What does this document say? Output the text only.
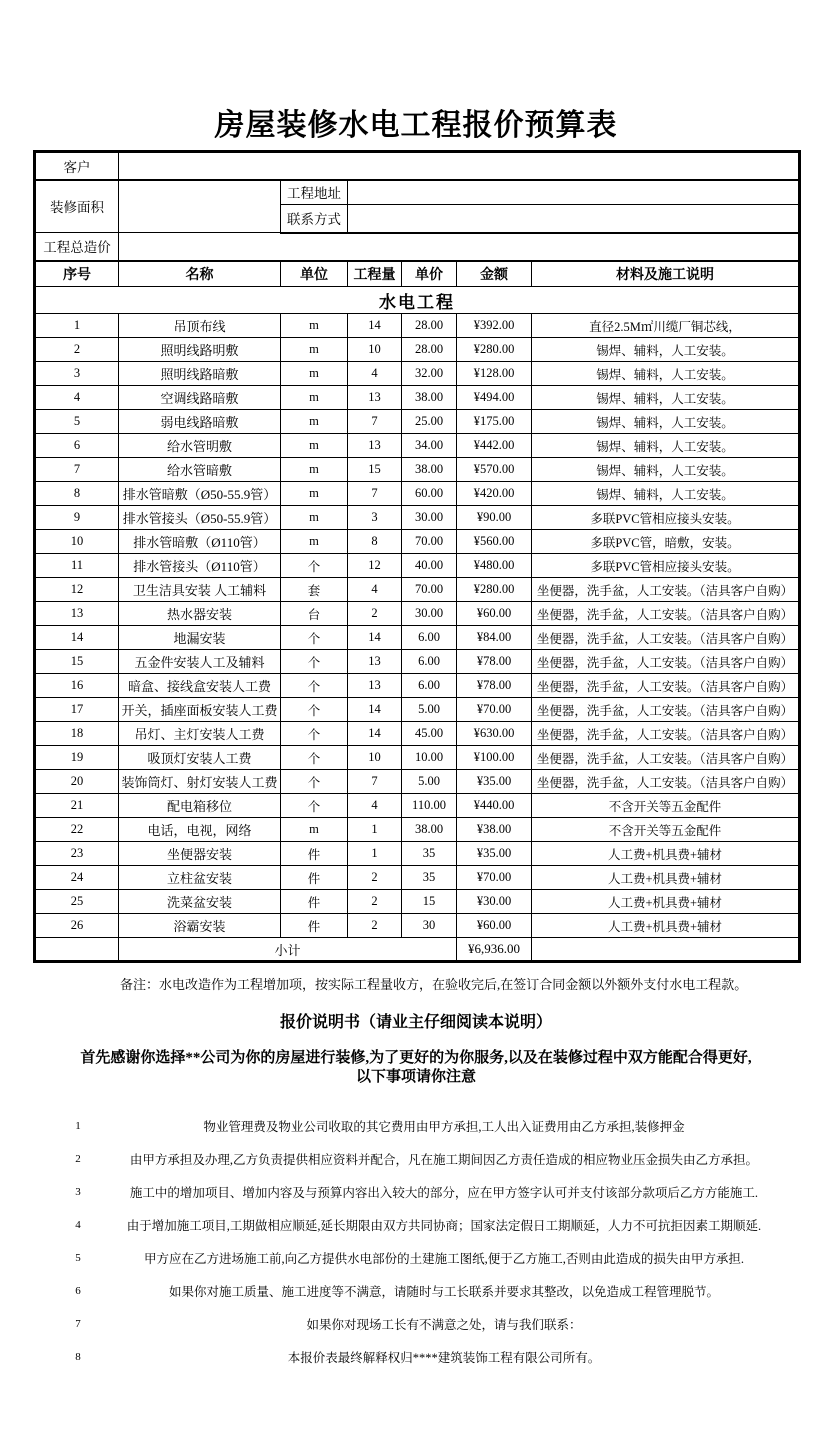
房屋装修水电工程报价预算表
客户						
装修面积		工程地址				
		联系方式				
工程总造价						
序号	名称	单位	工程量	单价	金额	材料及施工说明
水电工程						
1	吊顶布线	m	14	28.00	¥392.00	直径2.5M㎡川缆厂铜芯线，
2	照明线路明敷	m	10	28.00	¥280.00	锡焊、辅料，人工安装。
3	照明线路暗敷	m	4	32.00	¥128.00	锡焊、辅料，人工安装。
4	空调线路暗敷	m	13	38.00	¥494.00	锡焊、辅料，人工安装。
5	弱电线路暗敷	m	7	25.00	¥175.00	锡焊、辅料，人工安装。
6	给水管明敷	m	13	34.00	¥442.00	锡焊、辅料，人工安装。
7	给水管暗敷	m	15	38.00	¥570.00	锡焊、辅料，人工安装。
8	排水管暗敷（Ø50-55.9管）	m	7	60.00	¥420.00	锡焊、辅料，人工安装。
9	排水管接头（Ø50-55.9管）	m	3	30.00	¥90.00	多联PVC管相应接头安装。
10	排水管暗敷（Ø110管）	m	8	70.00	¥560.00	多联PVC管，暗敷，安装。
11	排水管接头（Ø110管）	个	12	40.00	¥480.00	多联PVC管相应接头安装。
12	卫生洁具安装 人工辅料	套	4	70.00	¥280.00	坐便器，洗手盆，人工安装。（洁具客户自购）
13	热水器安装	台	2	30.00	¥60.00	坐便器，洗手盆，人工安装。（洁具客户自购）
14	地漏安装	个	14	6.00	¥84.00	坐便器，洗手盆，人工安装。（洁具客户自购）
15	五金件安装人工及辅料	个	13	6.00	¥78.00	坐便器，洗手盆，人工安装。（洁具客户自购）
16	暗盒、接线盒安装人工费	个	13	6.00	¥78.00	坐便器，洗手盆，人工安装。（洁具客户自购）
17	开关，插座面板安装人工费	个	14	5.00	¥70.00	坐便器，洗手盆，人工安装。（洁具客户自购）
18	吊灯、主灯安装人工费	个	14	45.00	¥630.00	坐便器，洗手盆，人工安装。（洁具客户自购）
19	吸顶灯安装人工费	个	10	10.00	¥100.00	坐便器，洗手盆，人工安装。（洁具客户自购）
20	装饰筒灯、射灯安装人工费	个	7	5.00	¥35.00	坐便器，洗手盆，人工安装。（洁具客户自购）
21	配电箱移位	个	4	110.00	¥440.00	不含开关等五金配件
22	电话，电视，网络	m	1	38.00	¥38.00	不含开关等五金配件
23	坐便器安装	件	1	35	¥35.00	人工费+机具费+辅材
24	立柱盆安装	件	2	35	¥70.00	人工费+机具费+辅材
25	洗菜盆安装	件	2	15	¥30.00	人工费+机具费+辅材
26	浴霸安装	件	2	30	¥60.00	人工费+机具费+辅材
	小计				¥6,936.00	

备注：水电改造作为工程增加项，按实际工程量收方，在验收完后,在签订合同金额以外额外支付水电工程款。

报价说明书（请业主仔细阅读本说明）

首先感谢你选择**公司为你的房屋进行装修,为了更好的为你服务,以及在装修过程中双方能配合得更好,
以下事项请你注意

1	物业管理费及物业公司收取的其它费用由甲方承担,工人出入证费用由乙方承担,装修押金
2	由甲方承担及办理,乙方负责提供相应资料并配合，凡在施工期间因乙方责任造成的相应物业压金损失由乙方承担。
3	施工中的增加项目、增加内容及与预算内容出入较大的部分，应在甲方签字认可并支付该部分款项后乙方方能施工.
4	由于增加施工项目,工期做相应顺延,延长期限由双方共同协商；国家法定假日工期顺延，人力不可抗拒因素工期顺延.
5	甲方应在乙方进场施工前,向乙方提供水电部份的土建施工图纸,便于乙方施工,否则由此造成的损失由甲方承担.
6	如果你对施工质量、施工进度等不满意，请随时与工长联系并要求其整改，以免造成工程管理脱节。
7	如果你对现场工长有不满意之处，请与我们联系：
8	本报价表最终解释权归****建筑装饰工程有限公司所有。
